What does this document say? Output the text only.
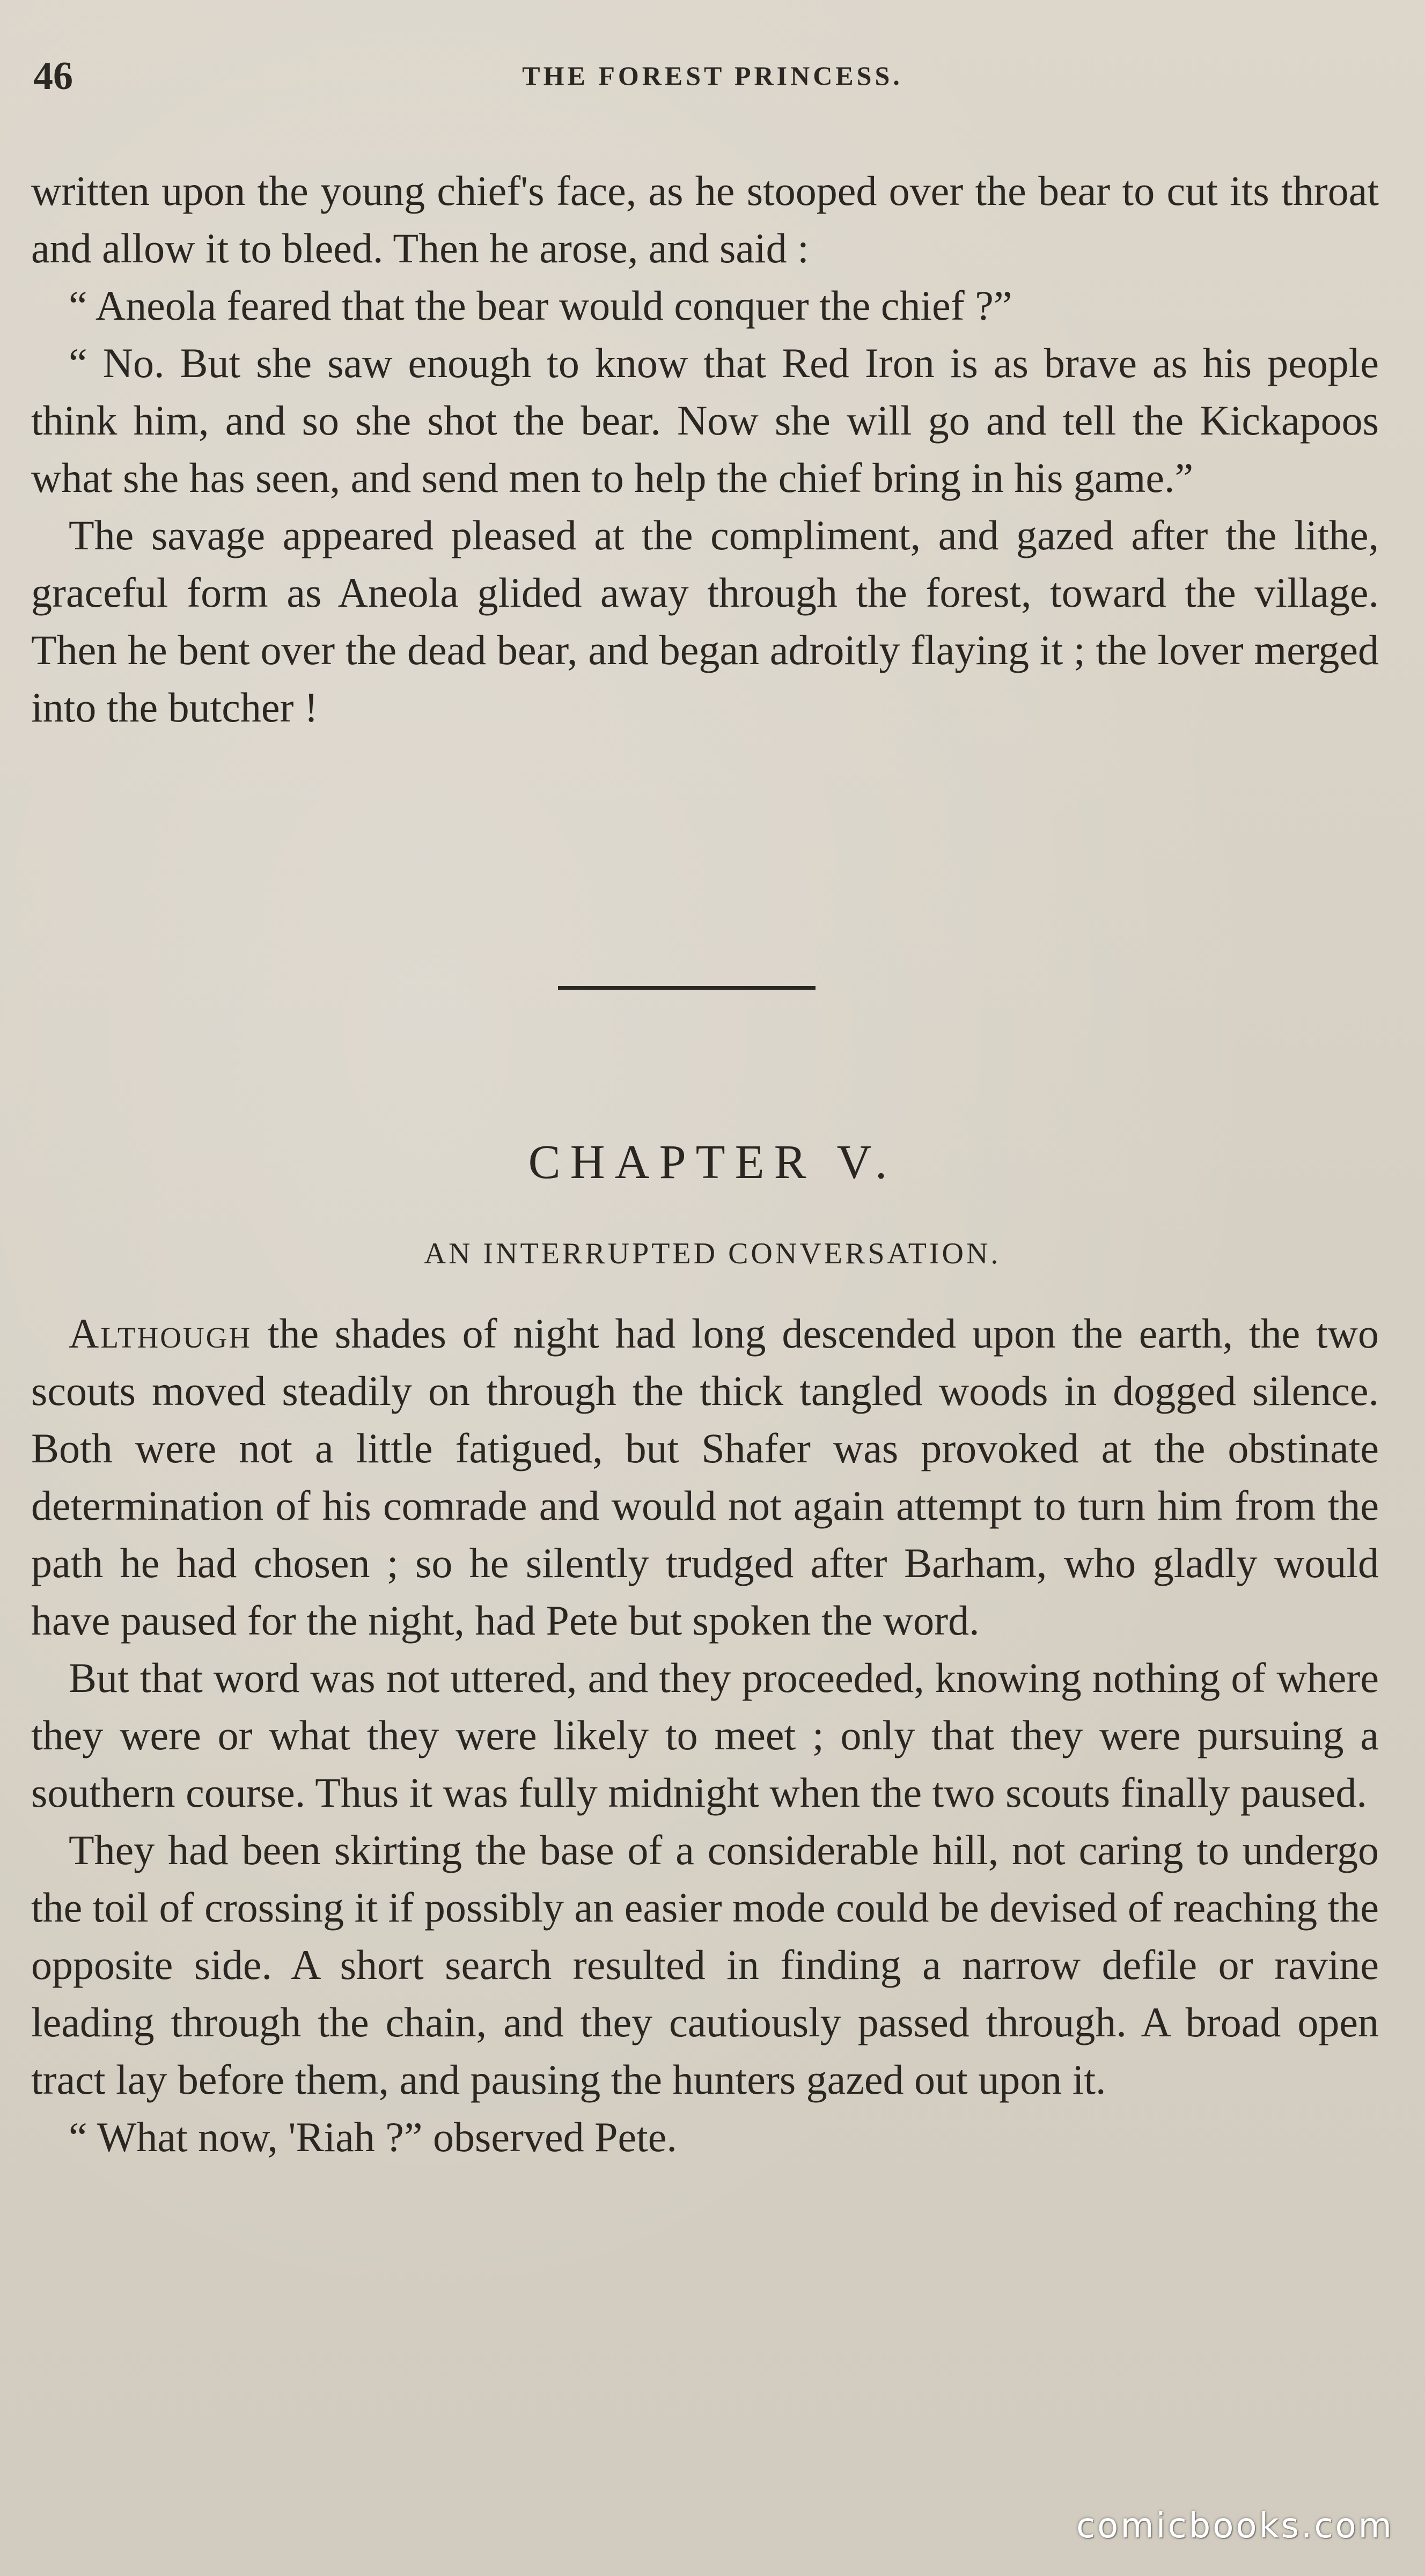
46	THE FOREST PRINCESS.

written upon the young chief's face, as he stooped over the bear to cut its throat and allow it to bleed. Then he arose, and said :

“ Aneola feared that the bear would conquer the chief ?”

“ No. But she saw enough to know that Red Iron is as brave as his people think him, and so she shot the bear. Now she will go and tell the Kickapoos what she has seen, and send men to help the chief bring in his game.”

The savage appeared pleased at the compliment, and gazed after the lithe, graceful form as Aneola glided away through the forest, toward the village. Then he bent over the dead bear, and began adroitly flaying it ; the lover merged into the butcher !

CHAPTER V.
AN INTERRUPTED CONVERSATION.

Although the shades of night had long descended upon the earth, the two scouts moved steadily on through the thick tangled woods in dogged silence. Both were not a little fatigued, but Shafer was provoked at the obstinate determination of his comrade and would not again attempt to turn him from the path he had chosen ; so he silently trudged after Barham, who gladly would have paused for the night, had Pete but spoken the word.

But that word was not uttered, and they proceeded, knowing nothing of where they were or what they were likely to meet ; only that they were pursuing a southern course. Thus it was fully midnight when the two scouts finally paused.

They had been skirting the base of a considerable hill, not caring to undergo the toil of crossing it if possibly an easier mode could be devised of reaching the opposite side. A short search resulted in finding a narrow defile or ravine leading through the chain, and they cautiously passed through. A broad open tract lay before them, and pausing the hunters gazed out upon it.

“ What now, 'Riah ?” observed Pete.

comicbooks.com
